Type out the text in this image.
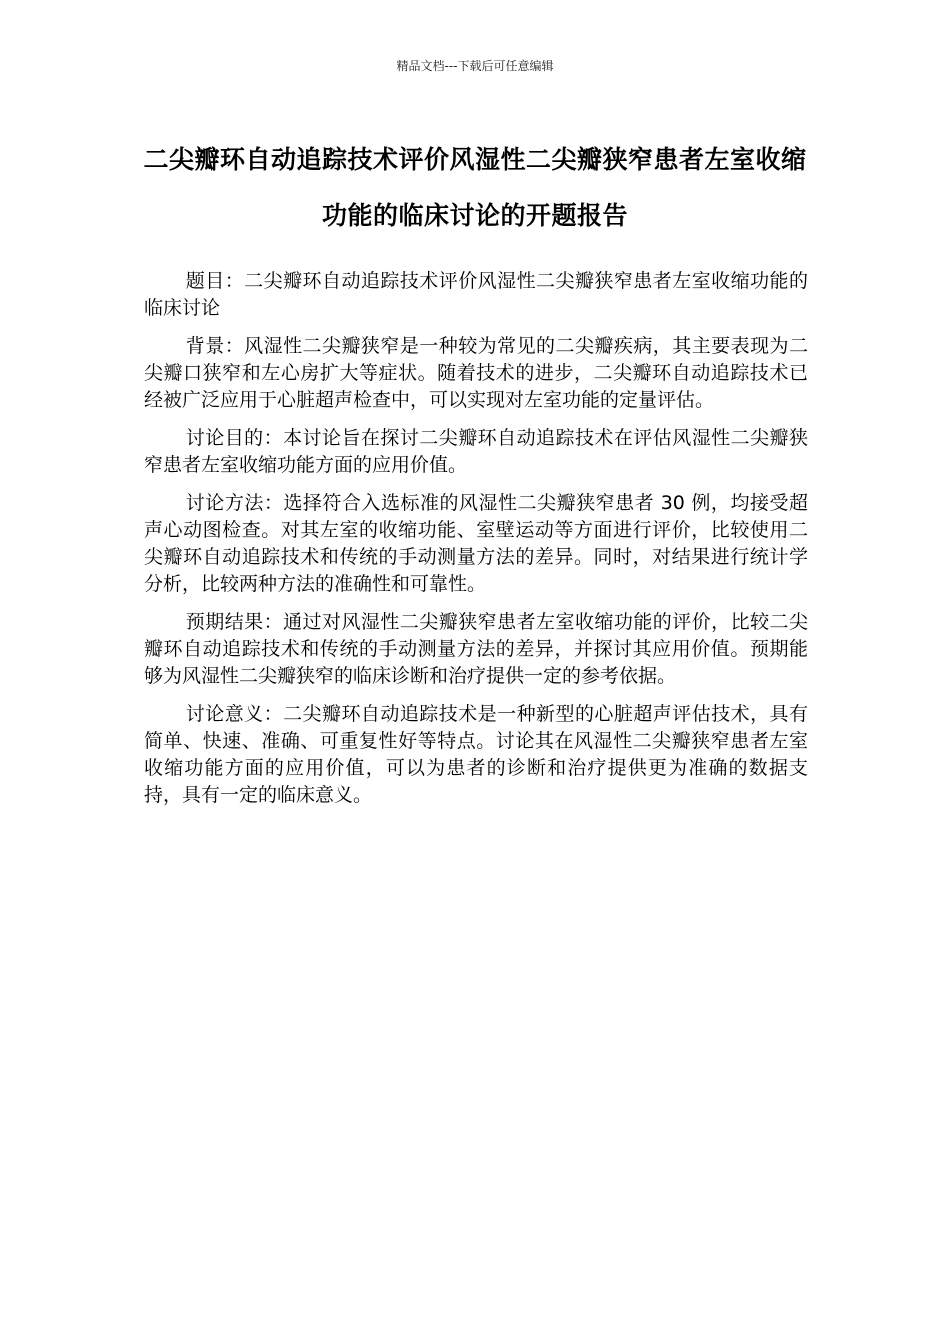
精品文档---下载后可任意编辑
二尖瓣环自动追踪技术评价风湿性二尖瓣狭窄患者左室收缩功能的临床讨论的开题报告

题目：二尖瓣环自动追踪技术评价风湿性二尖瓣狭窄患者左室收缩功能的临床讨论

背景：风湿性二尖瓣狭窄是一种较为常见的二尖瓣疾病，其主要表现为二尖瓣口狭窄和左心房扩大等症状。随着技术的进步，二尖瓣环自动追踪技术已经被广泛应用于心脏超声检查中，可以实现对左室功能的定量评估。

讨论目的：本讨论旨在探讨二尖瓣环自动追踪技术在评估风湿性二尖瓣狭窄患者左室收缩功能方面的应用价值。

讨论方法：选择符合入选标准的风湿性二尖瓣狭窄患者 30 例，均接受超声心动图检查。对其左室的收缩功能、室壁运动等方面进行评价，比较使用二尖瓣环自动追踪技术和传统的手动测量方法的差异。同时，对结果进行统计学分析，比较两种方法的准确性和可靠性。

预期结果：通过对风湿性二尖瓣狭窄患者左室收缩功能的评价，比较二尖瓣环自动追踪技术和传统的手动测量方法的差异，并探讨其应用价值。预期能够为风湿性二尖瓣狭窄的临床诊断和治疗提供一定的参考依据。

讨论意义：二尖瓣环自动追踪技术是一种新型的心脏超声评估技术，具有简单、快速、准确、可重复性好等特点。讨论其在风湿性二尖瓣狭窄患者左室收缩功能方面的应用价值，可以为患者的诊断和治疗提供更为准确的数据支持，具有一定的临床意义。
